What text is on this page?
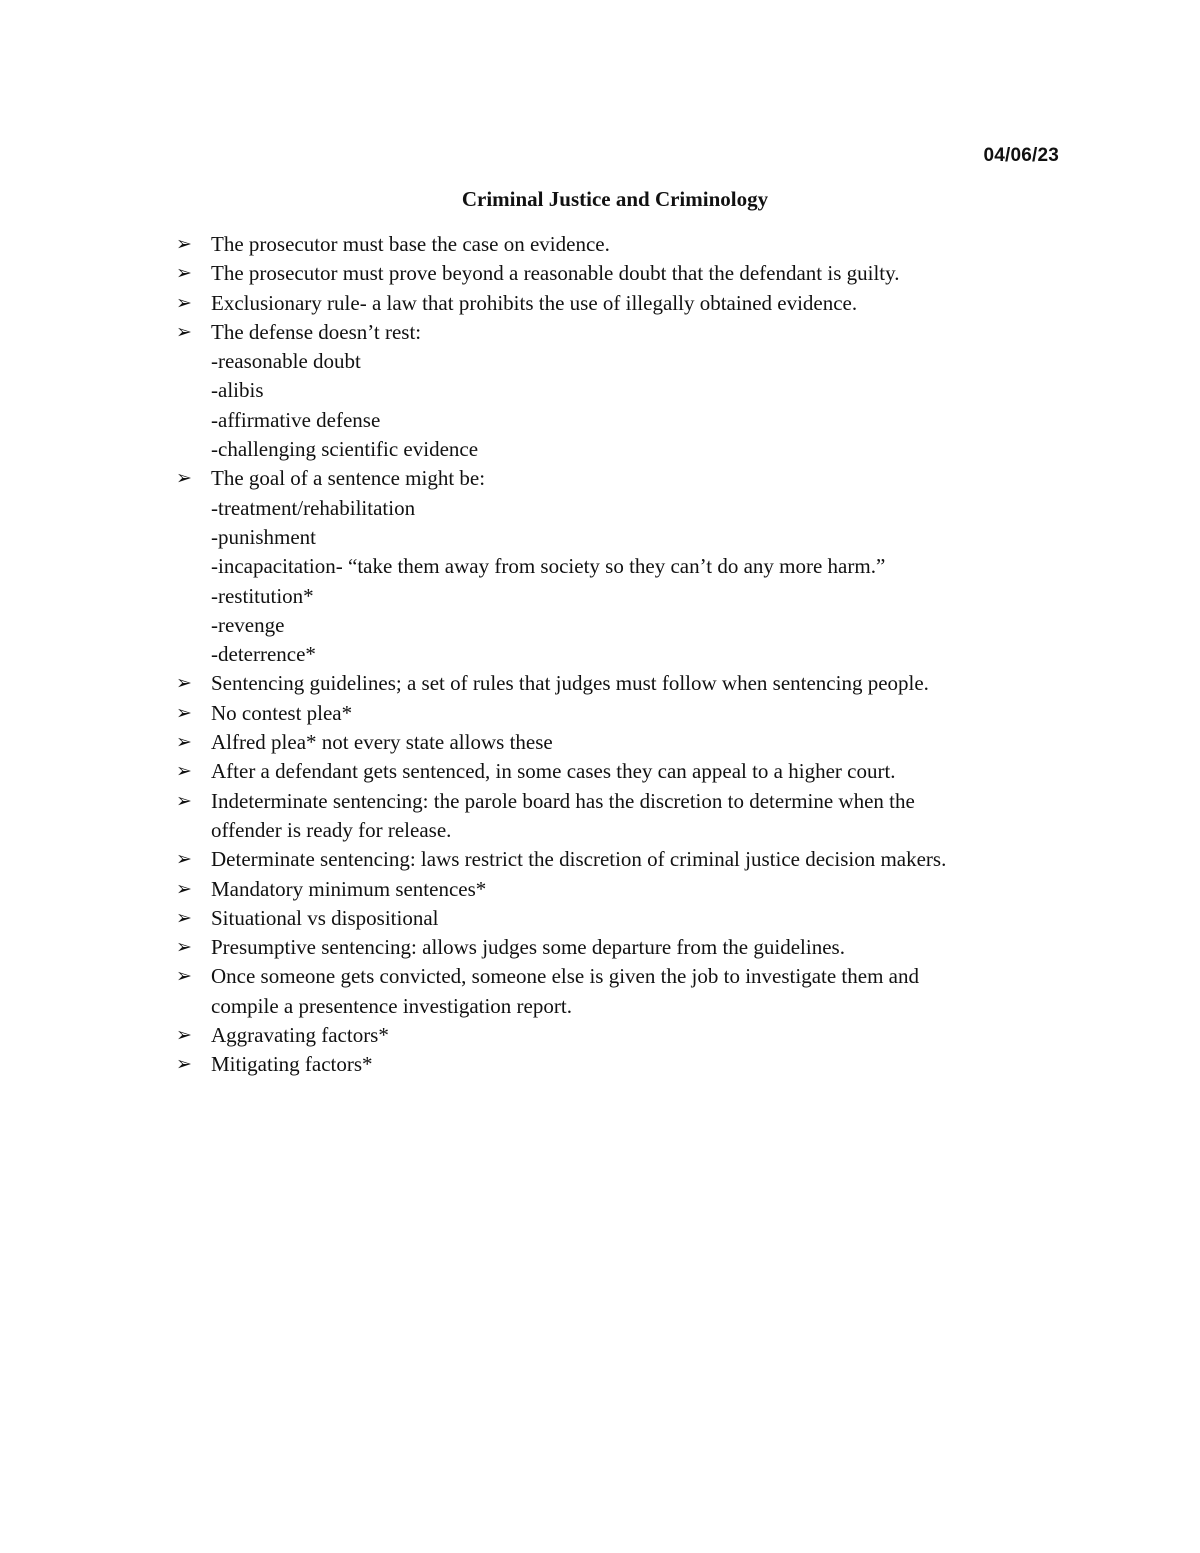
04/06/23
Criminal Justice and Criminology
➢ The prosecutor must base the case on evidence.
➢ The prosecutor must prove beyond a reasonable doubt that the defendant is guilty.
➢ Exclusionary rule- a law that prohibits the use of illegally obtained evidence.
➢ The defense doesn’t rest:
-reasonable doubt
-alibis
-affirmative defense
-challenging scientific evidence
➢ The goal of a sentence might be:
-treatment/rehabilitation
-punishment
-incapacitation- “take them away from society so they can’t do any more harm.”
-restitution*
-revenge
-deterrence*
➢ Sentencing guidelines; a set of rules that judges must follow when sentencing people.
➢ No contest plea*
➢ Alfred plea* not every state allows these
➢ After a defendant gets sentenced, in some cases they can appeal to a higher court.
➢ Indeterminate sentencing: the parole board has the discretion to determine when the
offender is ready for release.
➢ Determinate sentencing: laws restrict the discretion of criminal justice decision makers.
➢ Mandatory minimum sentences*
➢ Situational vs dispositional
➢ Presumptive sentencing: allows judges some departure from the guidelines.
➢ Once someone gets convicted, someone else is given the job to investigate them and
compile a presentence investigation report.
➢ Aggravating factors*
➢ Mitigating factors*
